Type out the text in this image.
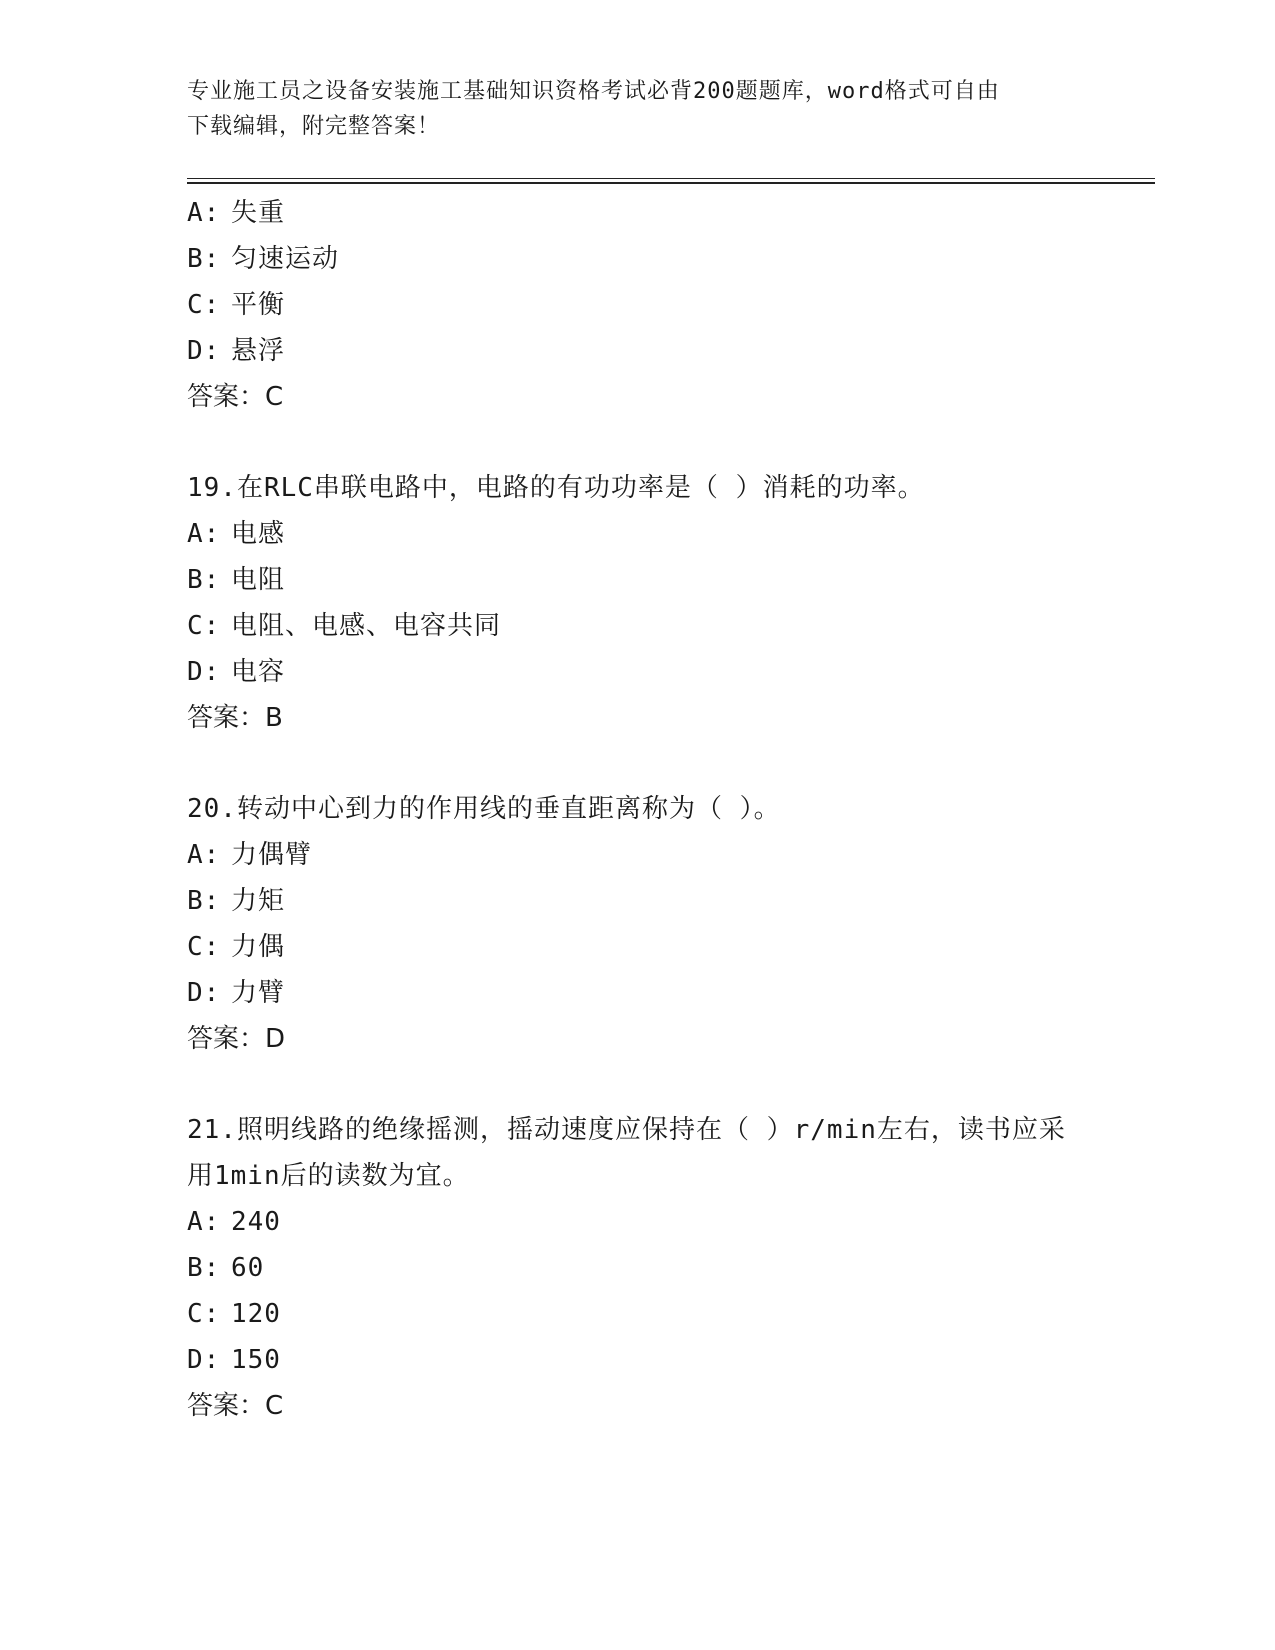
专业施工员之设备安装施工基础知识资格考试必背200题题库，word格式可自由
下载编辑，附完整答案！
A: 失重
B: 匀速运动
C: 平衡
D: 悬浮
答案：C
19.在RLC串联电路中，电路的有功功率是（ ）消耗的功率。
A: 电感
B: 电阻
C: 电阻、电感、电容共同
D: 电容
答案：B
20.转动中心到力的作用线的垂直距离称为（ ）。
A: 力偶臂
B: 力矩
C: 力偶
D: 力臂
答案：D
21.照明线路的绝缘摇测，摇动速度应保持在（ ）r/min左右，读书应采用1min后的读数为宜。
A: 240
B: 60
C: 120
D: 150
答案：C
